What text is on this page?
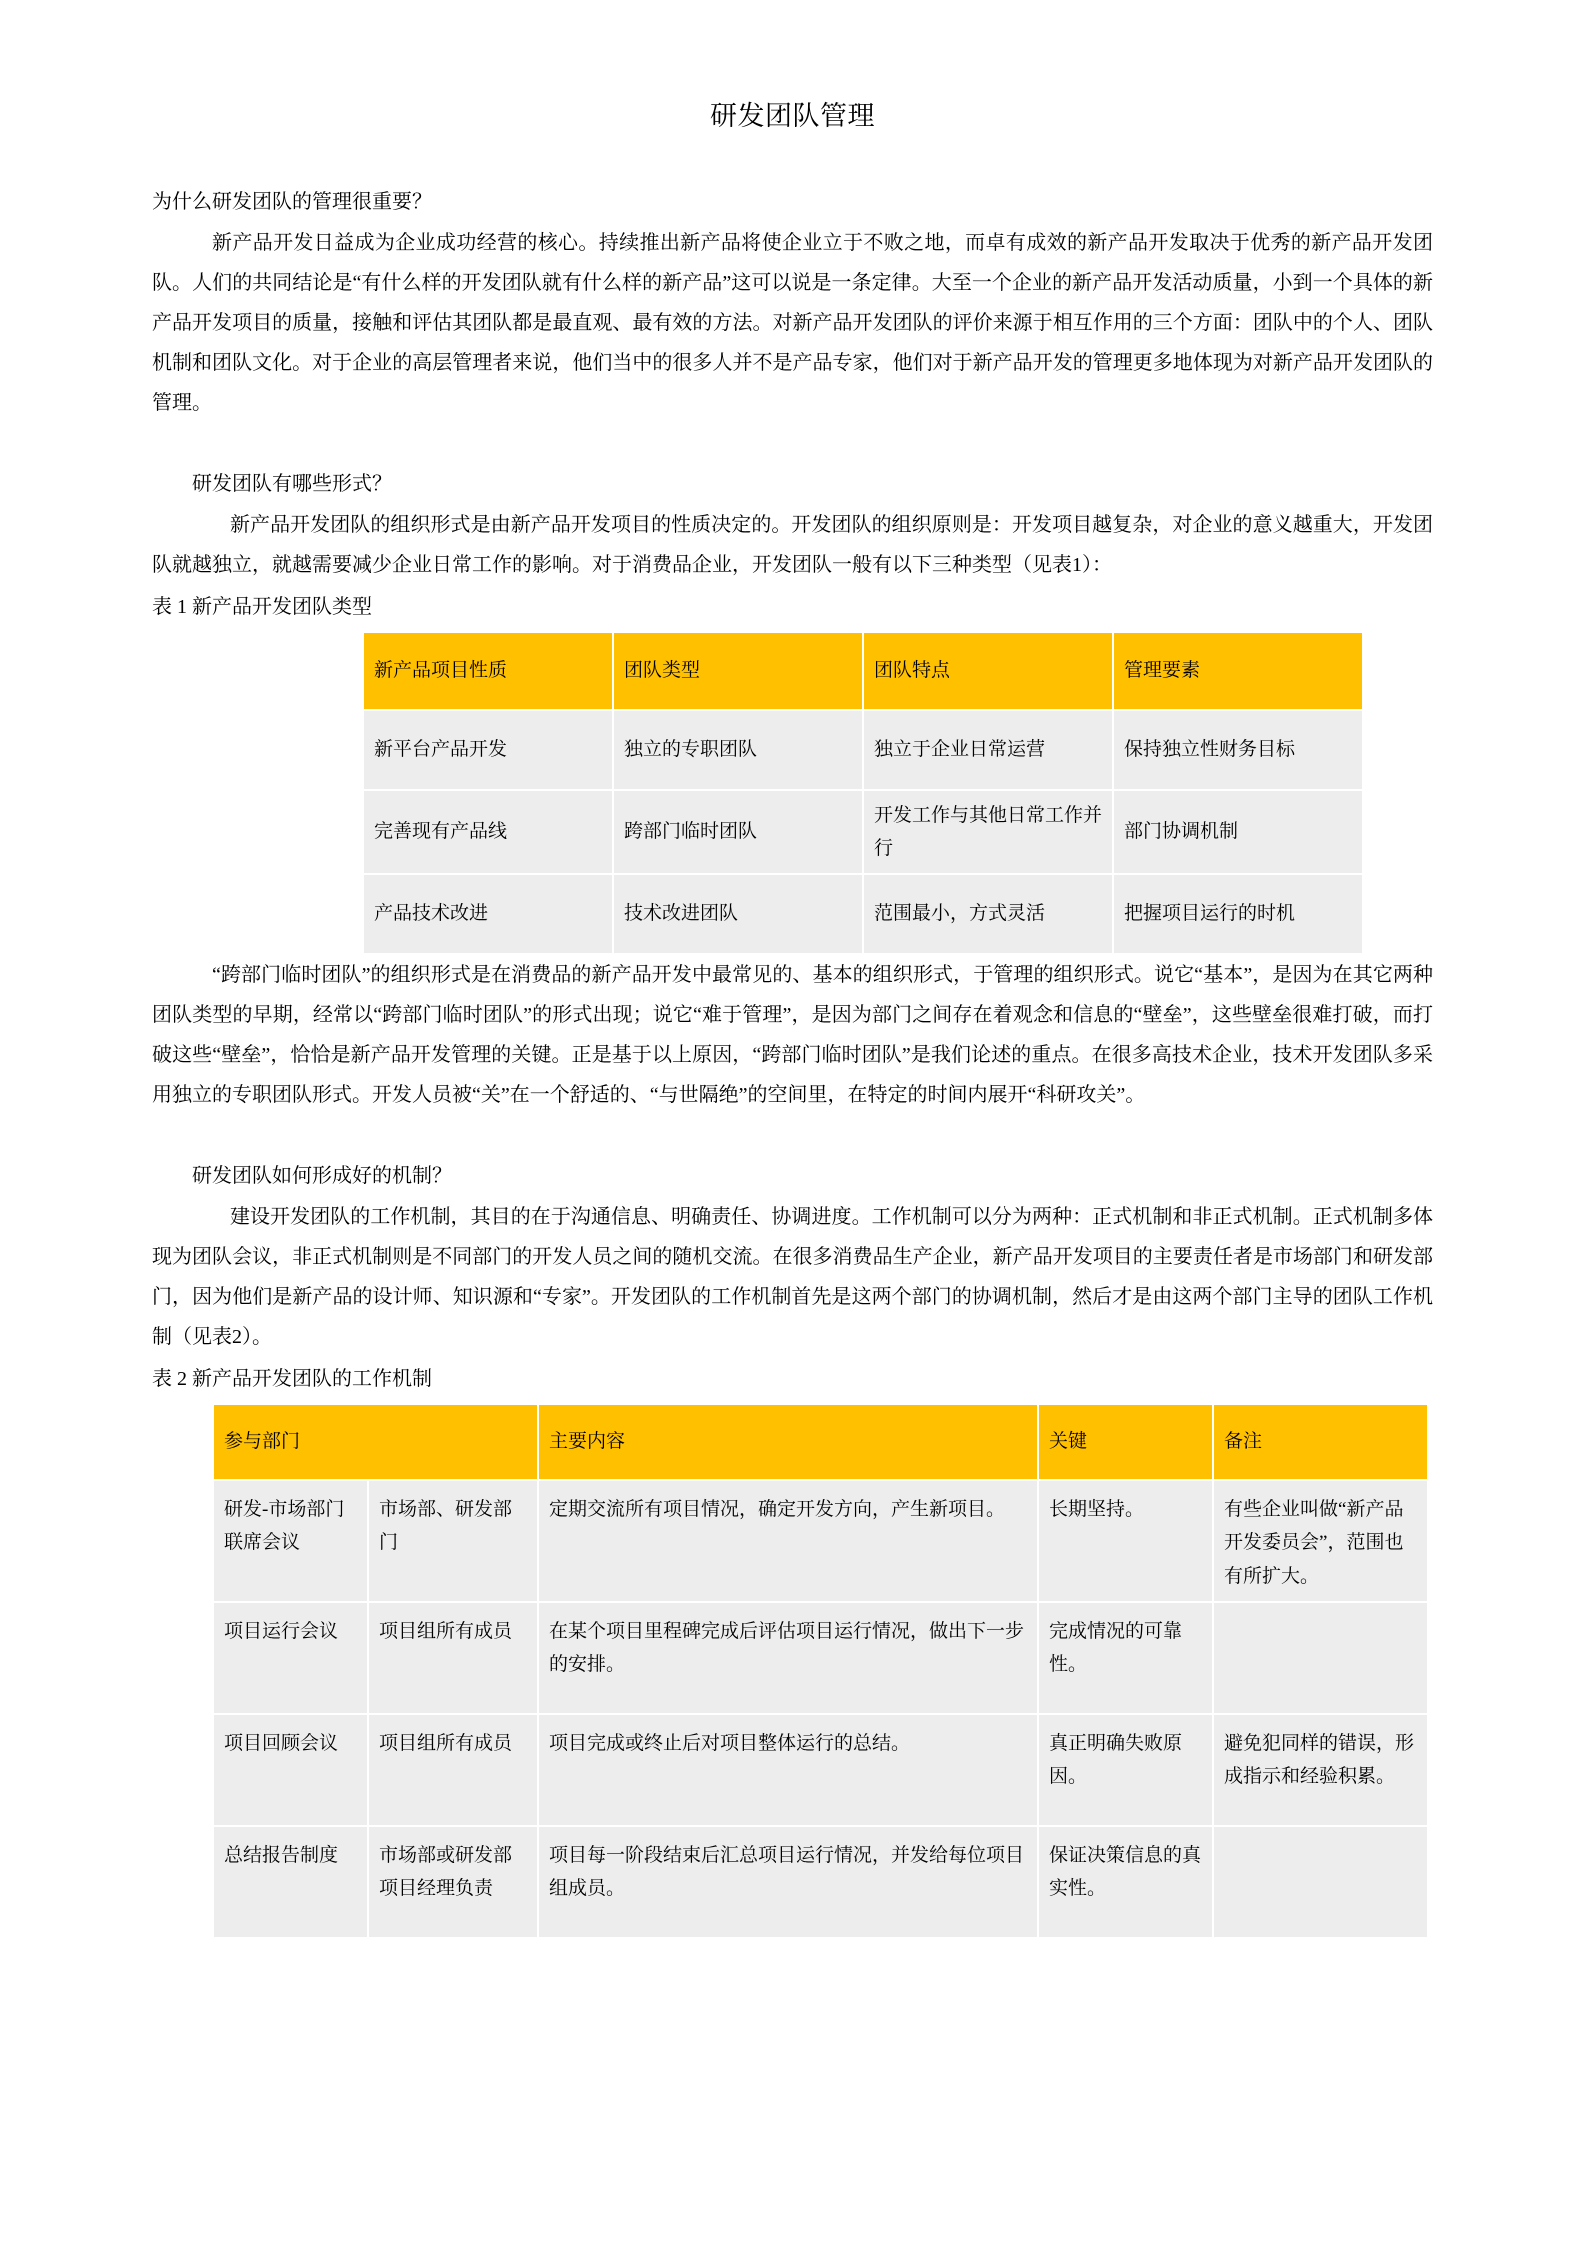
研发团队管理
为什么研发团队的管理很重要？

新产品开发日益成为企业成功经营的核心。持续推出新产品将使企业立于不败之地，而卓有成效的新产品开发取决于优秀的新产品开发团队。人们的共同结论是“有什么样的开发团队就有什么样的新产品”这可以说是一条定律。大至一个企业的新产品开发活动质量，小到一个具体的新产品开发项目的质量，接触和评估其团队都是最直观、最有效的方法。对新产品开发团队的评价来源于相互作用的三个方面：团队中的个人、团队机制和团队文化。对于企业的高层管理者来说，他们当中的很多人并不是产品专家，他们对于新产品开发的管理更多地体现为对新产品开发团队的管理。

研发团队有哪些形式？

新产品开发团队的组织形式是由新产品开发项目的性质决定的。开发团队的组织原则是：开发项目越复杂，对企业的意义越重大，开发团队就越独立，就越需要减少企业日常工作的影响。对于消费品企业，开发团队一般有以下三种类型（见表1）：

表 1 新产品开发团队类型
新产品项目性质	团队类型	团队特点	管理要素
新平台产品开发	独立的专职团队	独立于企业日常运营	保持独立性财务目标
完善现有产品线	跨部门临时团队	开发工作与其他日常工作并行	部门协调机制
产品技术改进	技术改进团队	范围最小，方式灵活	把握项目运行的时机

“跨部门临时团队”的组织形式是在消费品的新产品开发中最常见的、基本的组织形式，于管理的组织形式。说它“基本”，是因为在其它两种团队类型的早期，经常以“跨部门临时团队”的形式出现；说它“难于管理”，是因为部门之间存在着观念和信息的“壁垒”，这些壁垒很难打破，而打破这些“壁垒”，恰恰是新产品开发管理的关键。正是基于以上原因，“跨部门临时团队”是我们论述的重点。在很多高技术企业，技术开发团队多采用独立的专职团队形式。开发人员被“关”在一个舒适的、“与世隔绝”的空间里，在特定的时间内展开“科研攻关”。

研发团队如何形成好的机制？

建设开发团队的工作机制，其目的在于沟通信息、明确责任、协调进度。工作机制可以分为两种：正式机制和非正式机制。正式机制多体现为团队会议，非正式机制则是不同部门的开发人员之间的随机交流。在很多消费品生产企业，新产品开发项目的主要责任者是市场部门和研发部门，因为他们是新产品的设计师、知识源和“专家”。开发团队的工作机制首先是这两个部门的协调机制，然后才是由这两个部门主导的团队工作机制（见表2）。

表 2 新产品开发团队的工作机制
参与部门		主要内容	关键	备注
研发-市场部门联席会议	市场部、研发部门	定期交流所有项目情况，确定开发方向，产生新项目。	长期坚持。	有些企业叫做“新产品开发委员会”，范围也有所扩大。
项目运行会议	项目组所有成员	在某个项目里程碑完成后评估项目运行情况，做出下一步的安排。	完成情况的可靠性。	
项目回顾会议	项目组所有成员	项目完成或终止后对项目整体运行的总结。	真正明确失败原因。	避免犯同样的错误，形成指示和经验积累。
总结报告制度	市场部或研发部项目经理负责	项目每一阶段结束后汇总项目运行情况，并发给每位项目组成员。	保证决策信息的真实性。	
